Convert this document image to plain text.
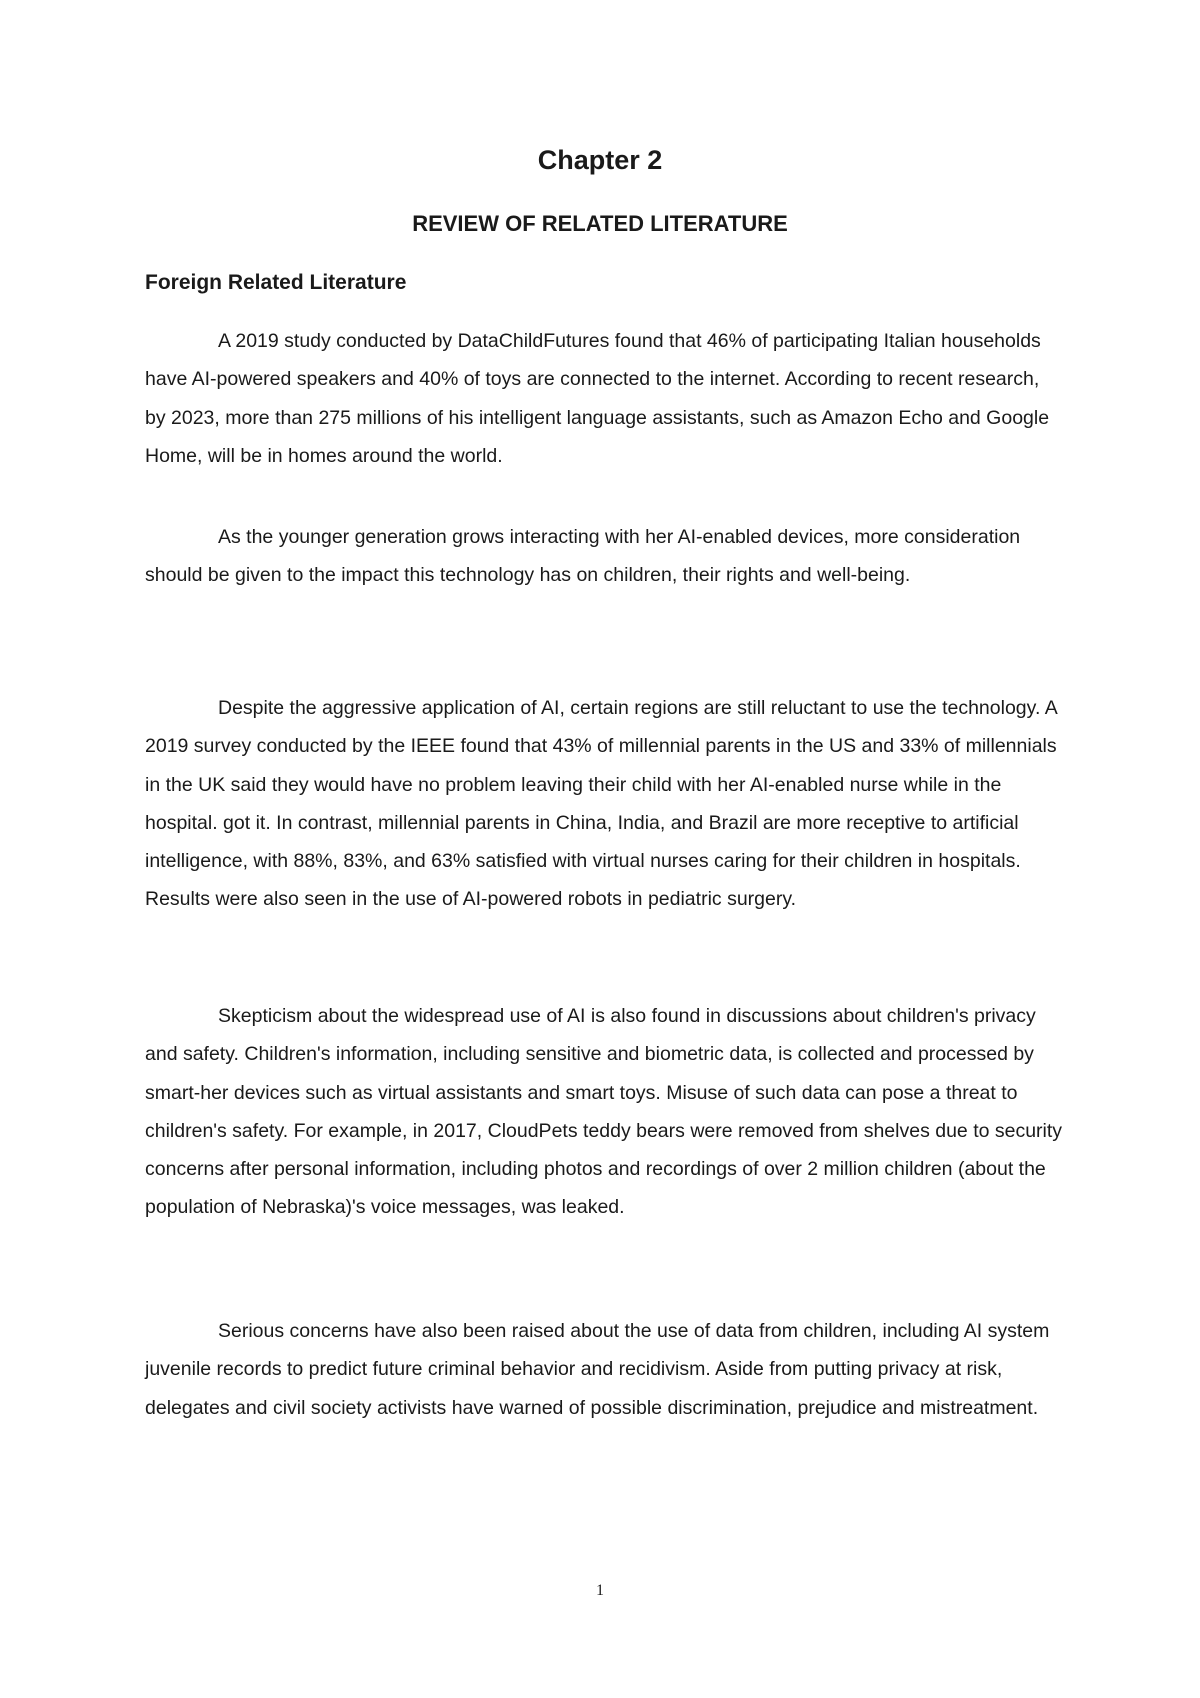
Chapter 2
REVIEW OF RELATED LITERATURE
Foreign Related Literature

A 2019 study conducted by DataChildFutures found that 46% of participating Italian households have AI-powered speakers and 40% of toys are connected to the internet. According to recent research, by 2023, more than 275 millions of his intelligent language assistants, such as Amazon Echo and Google Home, will be in homes around the world.

As the younger generation grows interacting with her AI-enabled devices, more consideration should be given to the impact this technology has on children, their rights and well-being.

Despite the aggressive application of AI, certain regions are still reluctant to use the technology. A 2019 survey conducted by the IEEE found that 43% of millennial parents in the US and 33% of millennials in the UK said they would have no problem leaving their child with her AI-enabled nurse while in the hospital. got it. In contrast, millennial parents in China, India, and Brazil are more receptive to artificial intelligence, with 88%, 83%, and 63% satisfied with virtual nurses caring for their children in hospitals. Results were also seen in the use of AI-powered robots in pediatric surgery.

Skepticism about the widespread use of AI is also found in discussions about children's privacy and safety. Children's information, including sensitive and biometric data, is collected and processed by smart-her devices such as virtual assistants and smart toys. Misuse of such data can pose a threat to children's safety. For example, in 2017, CloudPets teddy bears were removed from shelves due to security concerns after personal information, including photos and recordings of over 2 million children (about the population of Nebraska)'s voice messages, was leaked.

Serious concerns have also been raised about the use of data from children, including AI system juvenile records to predict future criminal behavior and recidivism. Aside from putting privacy at risk, delegates and civil society activists have warned of possible discrimination, prejudice and mistreatment.

1
